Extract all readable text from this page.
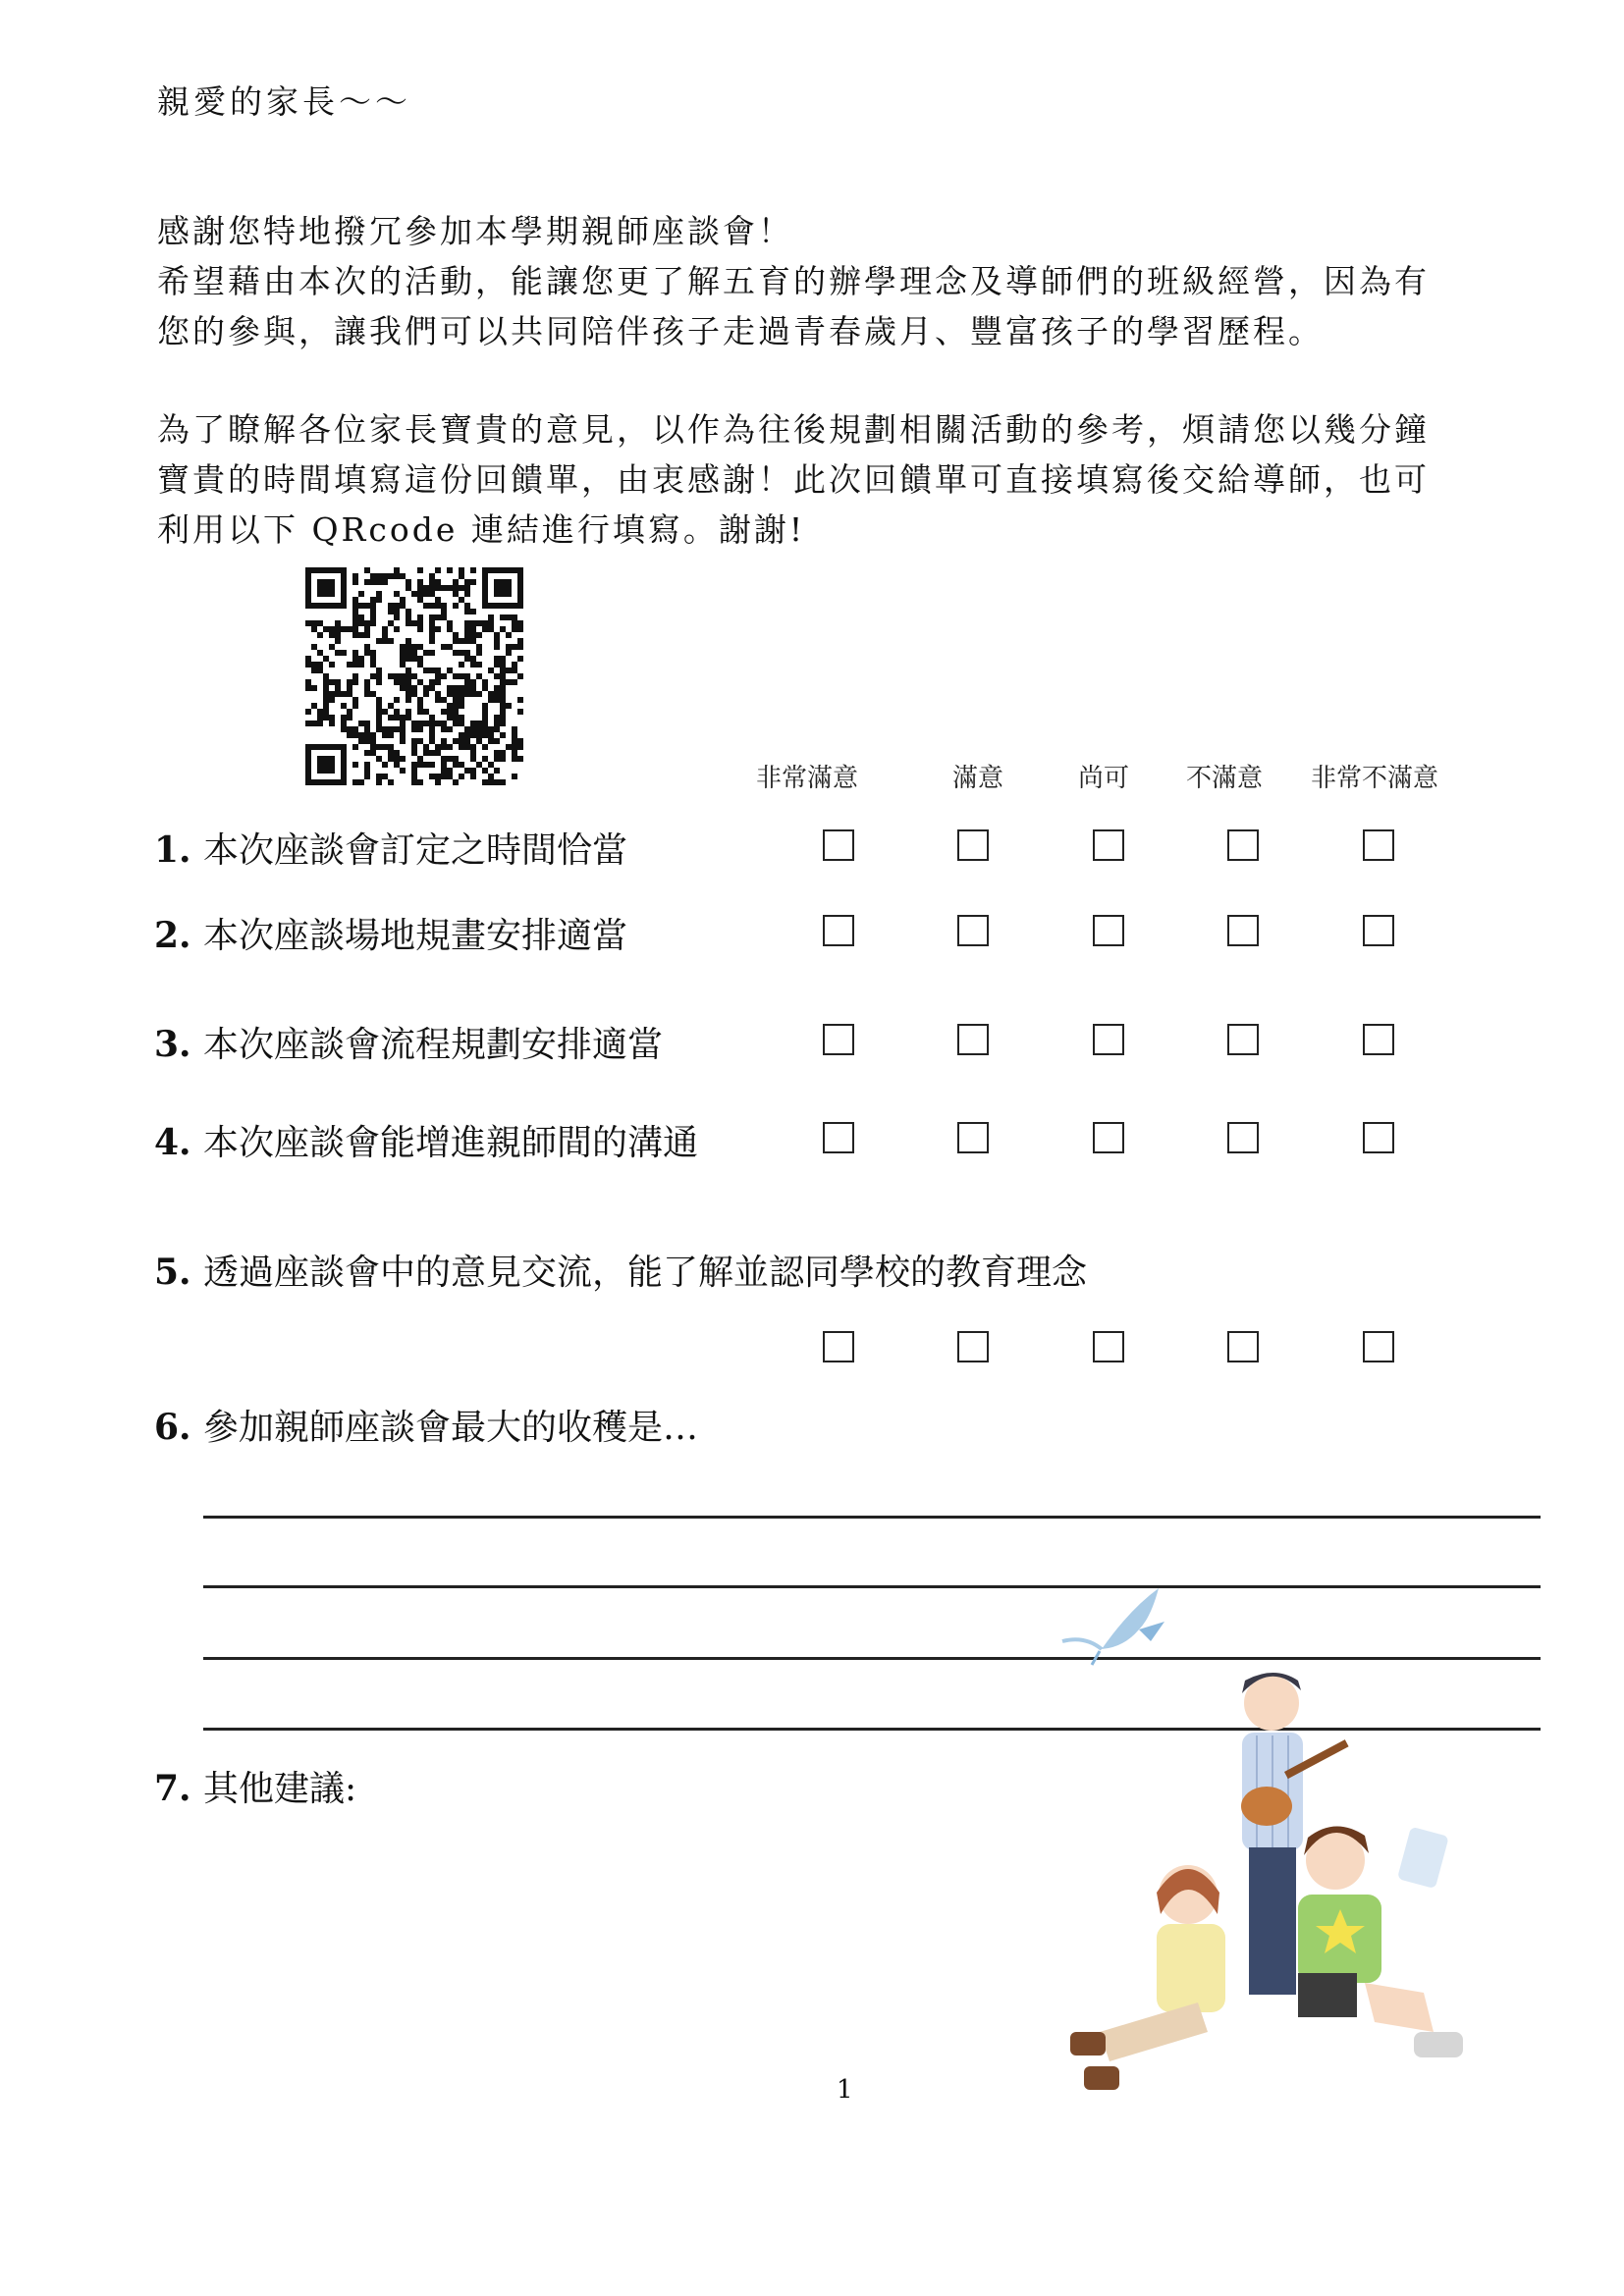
親愛的家長〜〜

感謝您特地撥冗參加本學期親師座談會！

希望藉由本次的活動，能讓您更了解五育的辦學理念及導師們的班級經營，因為有

您的參與，讓我們可以共同陪伴孩子走過青春歲月、豐富孩子的學習歷程。

為了瞭解各位家長寶貴的意見，以作為往後規劃相關活動的參考，煩請您以幾分鐘

寶貴的時間填寫這份回饋單，由衷感謝！此次回饋單可直接填寫後交給導師，也可

利用以下 QRcode 連結進行填寫。謝謝!

非常滿意	滿意	尚可 不滿意 非常不滿意
1. 本次座談會訂定之時間恰當
2. 本次座談場地規畫安排適當
3. 本次座談會流程規劃安排適當
4. 本次座談會能增進親師間的溝通
5. 透過座談會中的意見交流，能了解並認同學校的教育理念
6. 參加親師座談會最大的收穫是…
7. 其他建議:
1
